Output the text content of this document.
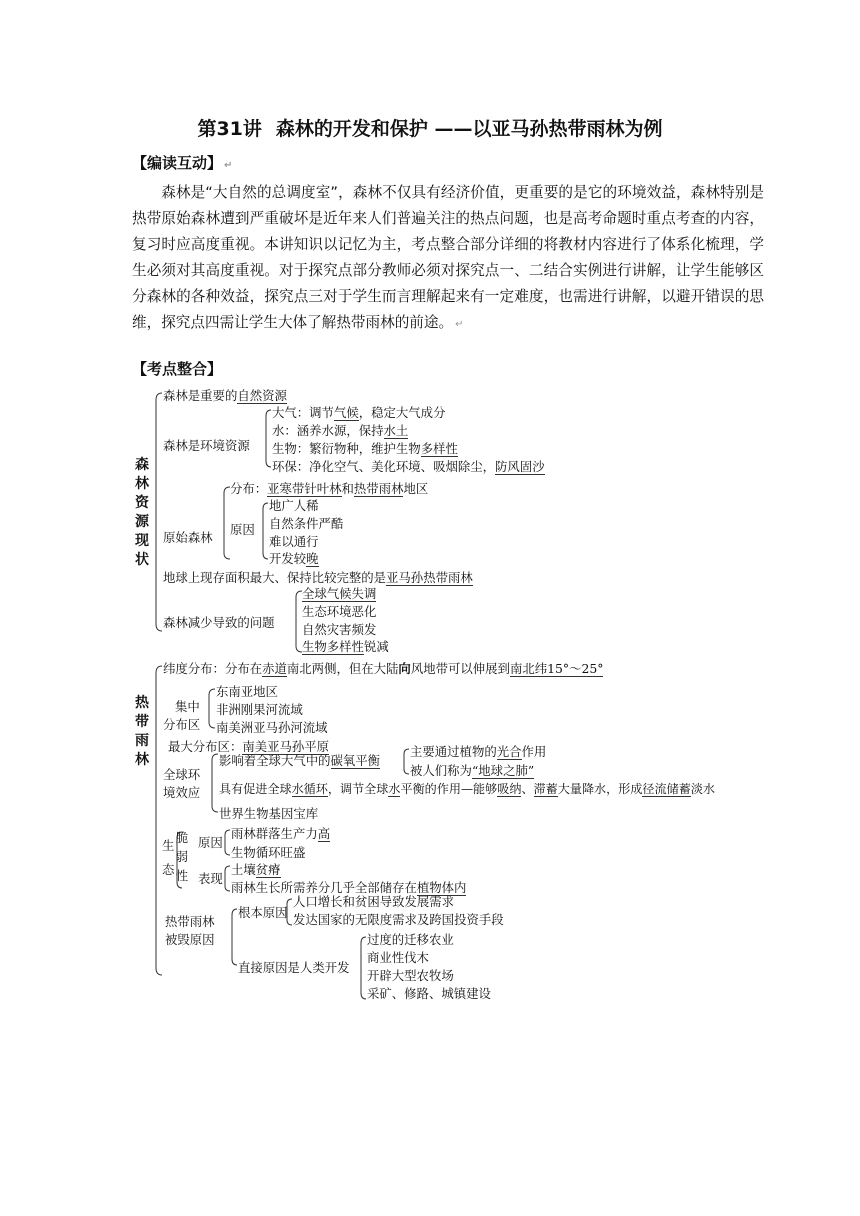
第31讲 森林的开发和保护 ——以亚马孙热带雨林为例
【编读互动】 ↵
森林是“大自然的总调度室”，森林不仅具有经济价值，更重要的是它的环境效益，森林特别是热带原始森林遭到严重破坏是近年来人们普遍关注的热点问题，也是高考命题时重点考查的内容，复习时应高度重视。本讲知识以记忆为主，考点整合部分详细的将教材内容进行了体系化梳理，学生必须对其高度重视。对于探究点部分教师必须对探究点一、二结合实例进行讲解，让学生能够区分森林的各种效益，探究点三对于学生而言理解起来有一定难度，也需进行讲解，以避开错误的思维，探究点四需让学生大体了解热带雨林的前途。 ↵
【考点整合】
森林资源现状
森林是重要的自然资源
森林是环境资源
大气：调节气候，稳定大气成分
水：涵养水源，保持水土
生物：繁衍物种，维护生物多样性
环保：净化空气、美化环境、吸烟除尘，防风固沙
分布：亚寒带针叶林和热带雨林地区
原始森林
原因
地广人稀
自然条件严酷
难以通行
开发较晚
地球上现存面积最大、保持比较完整的是亚马孙热带雨林
森林减少导致的问题
全球气候失调
生态环境恶化
自然灾害频发
生物多样性锐减
热带雨林
纬度分布：分布在赤道南北两侧，但在大陆向风地带可以伸展到南北纬15°～25°
集中
分布区
东南亚地区
非洲刚果河流域
南美洲亚马孙河流域
最大分布区：南美亚马孙平原
全球环
境效应
影响着全球大气中的碳氧平衡
主要通过植物的光合作用
被人们称为“地球之肺”
具有促进全球水循环，调节全球水平衡的作用—能够吸纳、滞蓄大量降水，形成径流储蓄淡水
世界生物基因宝库
生
态
脆弱性
原因
表现
雨林群落生产力高
生物循环旺盛
土壤贫瘠
雨林生长所需养分几乎全部储存在植物体内
热带雨林
被毁原因
根本原因
人口增长和贫困导致发展需求
发达国家的无限度需求及跨国投资手段
直接原因是人类开发
过度的迁移农业
商业性伐木
开辟大型农牧场
采矿、修路、城镇建设
